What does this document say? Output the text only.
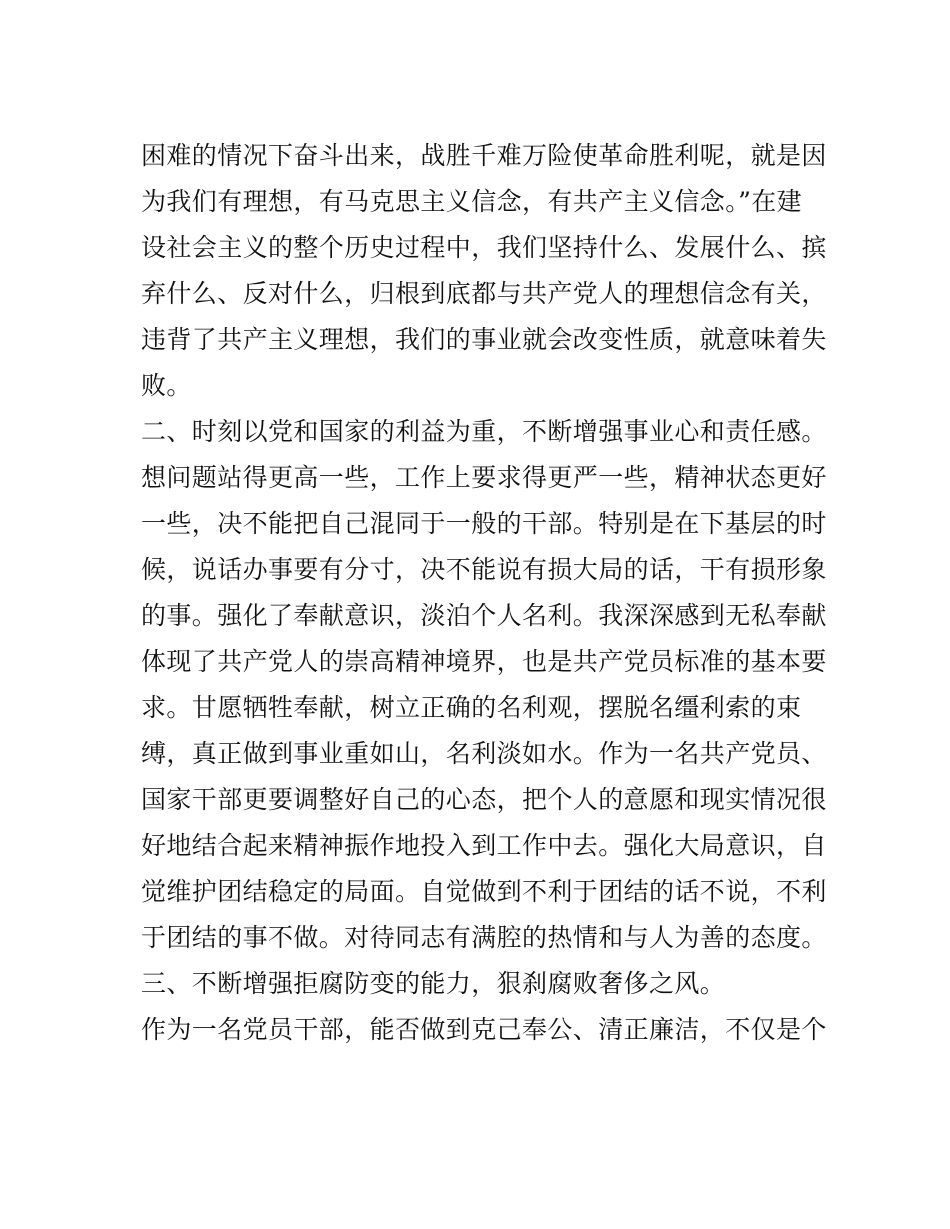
困难的情况下奋斗出来，战胜千难万险使革命胜利呢，就是因
为我们有理想，有马克思主义信念，有共产主义信念。”在建
设社会主义的整个历史过程中，我们坚持什么、发展什么、摈
弃什么、反对什么，归根到底都与共产党人的理想信念有关，
违背了共产主义理想，我们的事业就会改变性质，就意味着失
败。
二、时刻以党和国家的利益为重，不断增强事业心和责任感。
想问题站得更高一些，工作上要求得更严一些，精神状态更好
一些，决不能把自己混同于一般的干部。特别是在下基层的时
候，说话办事要有分寸，决不能说有损大局的话，干有损形象
的事。强化了奉献意识，淡泊个人名利。我深深感到无私奉献
体现了共产党人的崇高精神境界，也是共产党员标准的基本要
求。甘愿牺牲奉献，树立正确的名利观，摆脱名缰利索的束
缚，真正做到事业重如山，名利淡如水。作为一名共产党员、
国家干部更要调整好自己的心态，把个人的意愿和现实情况很
好地结合起来精神振作地投入到工作中去。强化大局意识，自
觉维护团结稳定的局面。自觉做到不利于团结的话不说，不利
于团结的事不做。对待同志有满腔的热情和与人为善的态度。
三、不断增强拒腐防变的能力，狠刹腐败奢侈之风。
作为一名党员干部，能否做到克己奉公、清正廉洁，不仅是个
